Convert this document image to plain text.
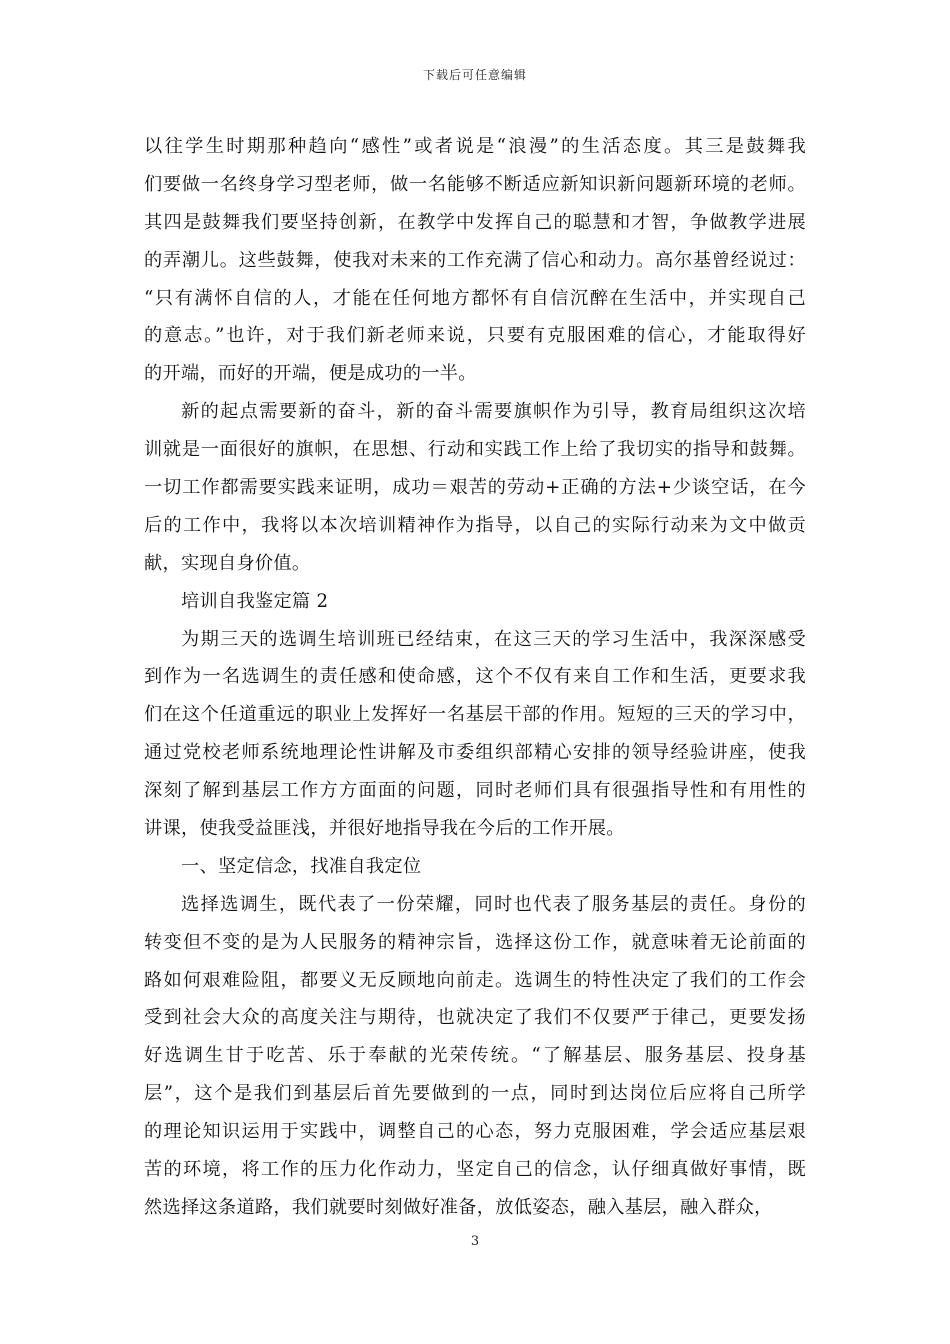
下载后可任意编辑
以往学生时期那种趋向“感性”或者说是“浪漫”的生活态度。其三是鼓舞我
们要做一名终身学习型老师，做一名能够不断适应新知识新问题新环境的老师。
其四是鼓舞我们要坚持创新，在教学中发挥自己的聪慧和才智，争做教学进展
的弄潮儿。这些鼓舞，使我对未来的工作充满了信心和动力。高尔基曾经说过：
“只有满怀自信的人，才能在任何地方都怀有自信沉醉在生活中，并实现自己
的意志。”也许，对于我们新老师来说，只要有克服困难的信心，才能取得好
的开端，而好的开端，便是成功的一半。
新的起点需要新的奋斗，新的奋斗需要旗帜作为引导，教育局组织这次培
训就是一面很好的旗帜，在思想、行动和实践工作上给了我切实的指导和鼓舞。
一切工作都需要实践来证明，成功＝艰苦的劳动+正确的方法+少谈空话，在今
后的工作中，我将以本次培训精神作为指导，以自己的实际行动来为文中做贡
献，实现自身价值。
培训自我鉴定篇 2
为期三天的选调生培训班已经结束，在这三天的学习生活中，我深深感受
到作为一名选调生的责任感和使命感，这个不仅有来自工作和生活，更要求我
们在这个任道重远的职业上发挥好一名基层干部的作用。短短的三天的学习中，
通过党校老师系统地理论性讲解及市委组织部精心安排的领导经验讲座，使我
深刻了解到基层工作方方面面的问题，同时老师们具有很强指导性和有用性的
讲课，使我受益匪浅，并很好地指导我在今后的工作开展。
一、坚定信念，找准自我定位
选择选调生，既代表了一份荣耀，同时也代表了服务基层的责任。身份的
转变但不变的是为人民服务的精神宗旨，选择这份工作，就意味着无论前面的
路如何艰难险阻，都要义无反顾地向前走。选调生的特性决定了我们的工作会
受到社会大众的高度关注与期待，也就决定了我们不仅要严于律己，更要发扬
好选调生甘于吃苦、乐于奉献的光荣传统。“了解基层、服务基层、投身基
层”，这个是我们到基层后首先要做到的一点，同时到达岗位后应将自己所学
的理论知识运用于实践中，调整自己的心态，努力克服困难，学会适应基层艰
苦的环境，将工作的压力化作动力，坚定自己的信念，认仔细真做好事情，既
然选择这条道路，我们就要时刻做好准备，放低姿态，融入基层，融入群众，
3
